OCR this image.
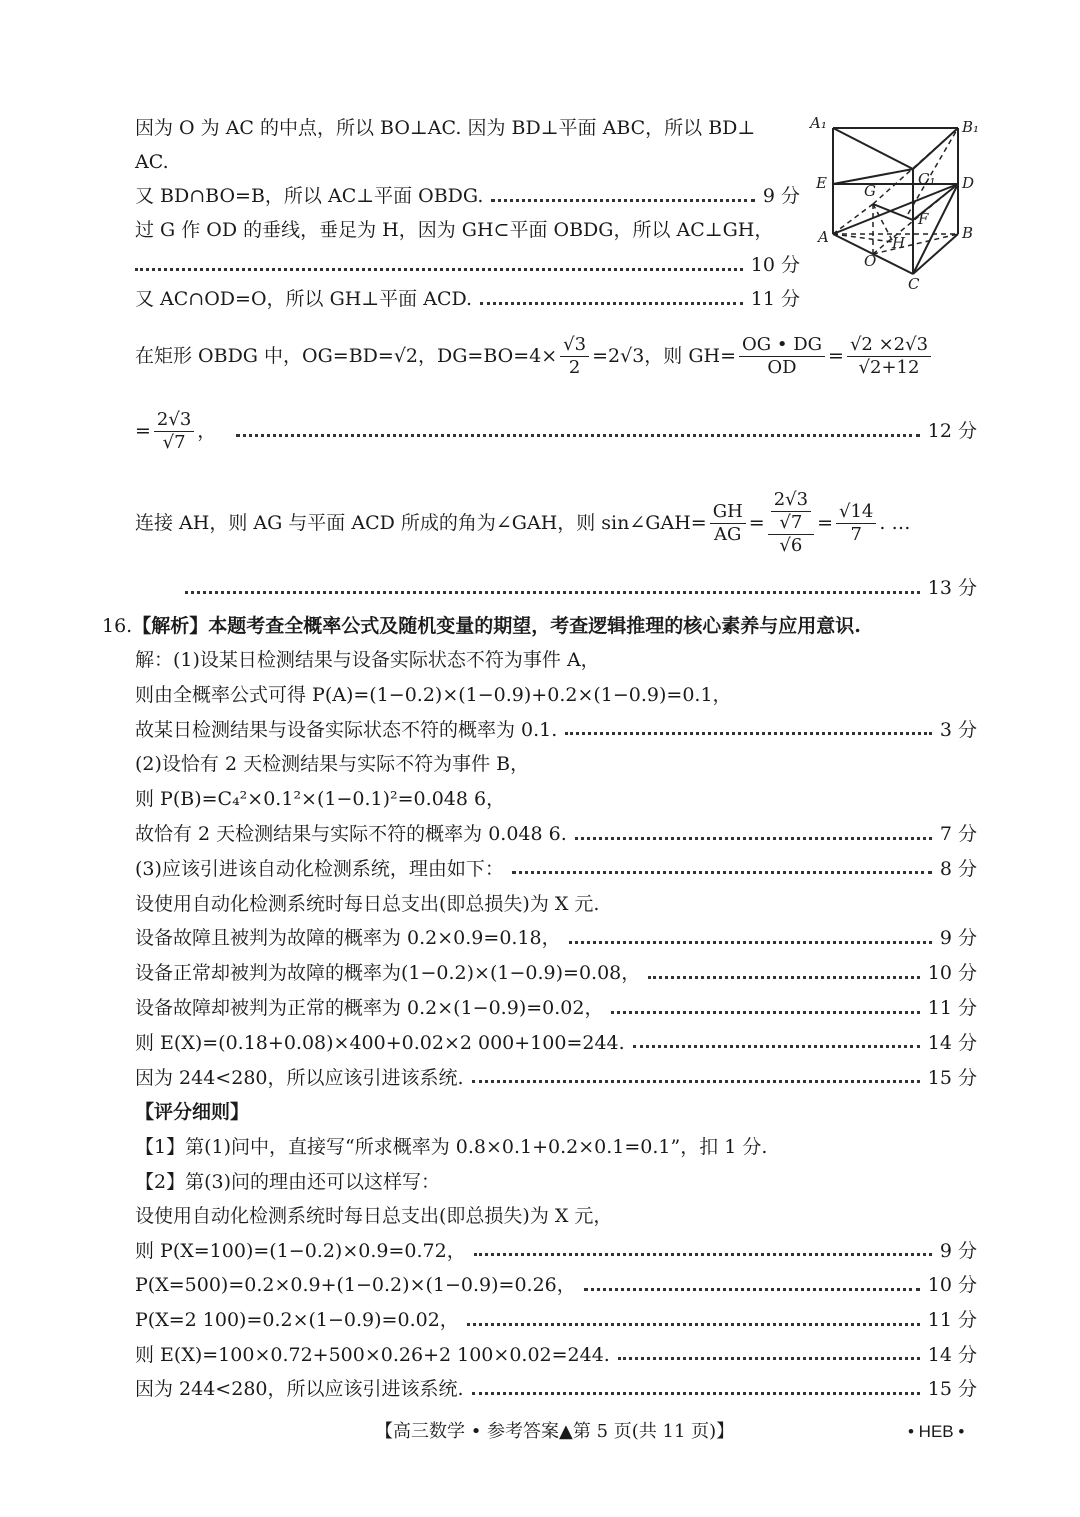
A₁	B₁
C₁
E	D
G
F
A	B
H
O
C
因为 O 为 AC 的中点，所以 BO⊥AC. 因为 BD⊥平面 ABC，所以 BD⊥
AC.
又 BD∩BO=B，所以 AC⊥平面 OBDG.	9 分
过 G 作 OD 的垂线，垂足为 H，因为 GH⊂平面 OBDG，所以 AC⊥GH，
10 分
又 AC∩OD=O，所以 GH⊥平面 ACD.	11 分
在矩形 OBDG 中，OG=BD=√2，$DG=BO=4\times \frac{√3}{2} =2√3$，则 $GH= \frac{OG • DG}{OD} = \frac{√2 \times 2√3}{√2+12}$
= $\frac{2√3}{√7}$ ，	12 分
连接 AH，则 AG 与平面 ACD 所成的角为∠GAH，则 sin∠GAH= $\frac{GH}{AG} = \frac{\frac{2√3}{√7}}{√6} = \frac{√14}{7}$ . …
13 分
16. 【解析】本题考查全概率公式及随机变量的期望，考查逻辑推理的核心素养与应用意识.
解：(1)设某日检测结果与设备实际状态不符为事件 A，
则由全概率公式可得 P(A)=(1−0.2)×(1−0.9)+0.2×(1−0.9)=0.1，
故某日检测结果与设备实际状态不符的概率为 0.1.	3 分
(2)设恰有 2 天检测结果与实际不符为事件 B，
则 P(B)=C₄²×0.1²×(1−0.1)²=0.048 6，
故恰有 2 天检测结果与实际不符的概率为 0.048 6.	7 分
(3)应该引进该自动化检测系统，理由如下：	8 分
设使用自动化检测系统时每日总支出(即总损失)为 X 元.
设备故障且被判为故障的概率为 0.2×0.9=0.18，	9 分
设备正常却被判为故障的概率为(1−0.2)×(1−0.9)=0.08，	10 分
设备故障却被判为正常的概率为 0.2×(1−0.9)=0.02，	11 分
则 E(X)=(0.18+0.08)×400+0.02×2 000+100=244.	14 分
因为 244<280，所以应该引进该系统.	15 分
【评分细则】
【1】第(1)问中，直接写“所求概率为 0.8×0.1+0.2×0.1=0.1”，扣 1 分.
【2】第(3)问的理由还可以这样写：
设使用自动化检测系统时每日总支出(即总损失)为 X 元，
则 P(X=100)=(1−0.2)×0.9=0.72，	9 分
P(X=500)=0.2×0.9+(1−0.2)×(1−0.9)=0.26，	10 分
P(X=2 100)=0.2×(1−0.9)=0.02，	11 分
则 E(X)=100×0.72+500×0.26+2 100×0.02=244.	14 分
因为 244<280，所以应该引进该系统.	15 分
【高三数学 • 参考答案▲第 5 页(共 11 页)】	• HEB •
